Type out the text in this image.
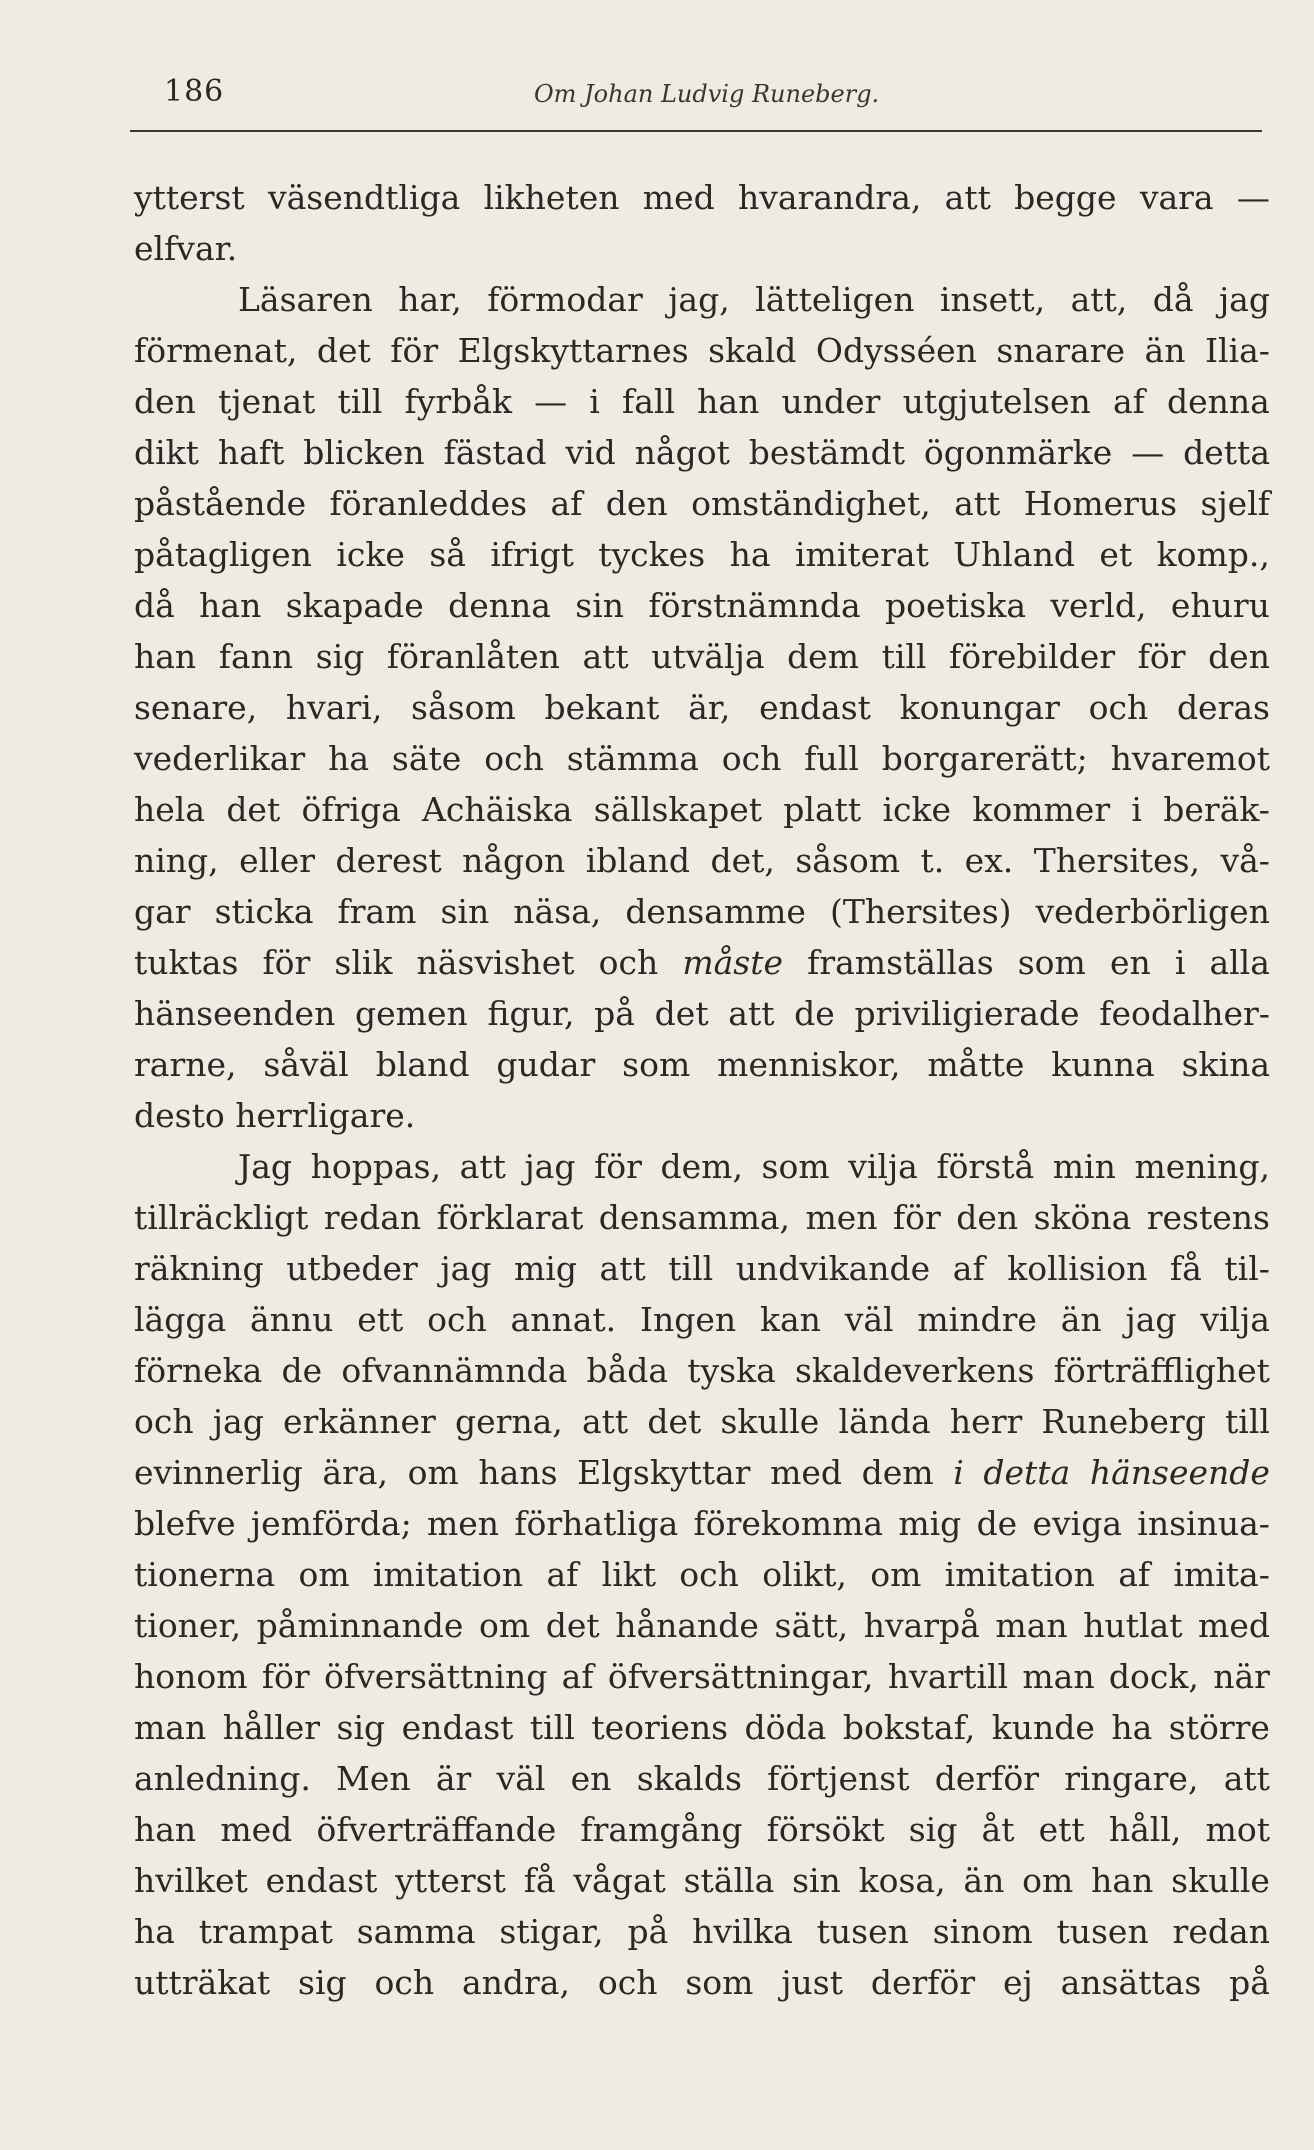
186	Om Johan Ludvig Runeberg.
ytterst väsendtliga likheten med hvarandra, att begge vara —
elfvar.
Läsaren har, förmodar jag, lätteligen insett, att, då jag
förmenat, det för Elgskyttarnes skald Odysséen snarare än Ilia-
den tjenat till fyrbåk — i fall han under utgjutelsen af denna
dikt haft blicken fästad vid något bestämdt ögonmärke — detta
påstående föranleddes af den omständighet, att Homerus sjelf
påtagligen icke så ifrigt tyckes ha imiterat Uhland et komp.,
då han skapade denna sin förstnämnda poetiska verld, ehuru
han fann sig föranlåten att utvälja dem till förebilder för den
senare, hvari, såsom bekant är, endast konungar och deras
vederlikar ha säte och stämma och full borgarerätt; hvaremot
hela det öfriga Achäiska sällskapet platt icke kommer i beräk-
ning, eller derest någon ibland det, såsom t. ex. Thersites, vå-
gar sticka fram sin näsa, densamme (Thersites) vederbörligen
tuktas för slik näsvishet och måste framställas som en i alla
hänseenden gemen figur, på det att de priviligierade feodalher-
rarne, såväl bland gudar som menniskor, måtte kunna skina
desto herrligare.
Jag hoppas, att jag för dem, som vilja förstå min mening,
tillräckligt redan förklarat densamma, men för den sköna restens
räkning utbeder jag mig att till undvikande af kollision få til-
lägga ännu ett och annat. Ingen kan väl mindre än jag vilja
förneka de ofvannämnda båda tyska skaldeverkens förträfflighet
och jag erkänner gerna, att det skulle lända herr Runeberg till
evinnerlig ära, om hans Elgskyttar med dem i detta hänseende
blefve jemförda; men förhatliga förekomma mig de eviga insinua-
tionerna om imitation af likt och olikt, om imitation af imita-
tioner, påminnande om det hånande sätt, hvarpå man hutlat med
honom för öfversättning af öfversättningar, hvartill man dock, när
man håller sig endast till teoriens döda bokstaf, kunde ha större
anledning. Men är väl en skalds förtjenst derför ringare, att
han med öfverträffande framgång försökt sig åt ett håll, mot
hvilket endast ytterst få vågat ställa sin kosa, än om han skulle
ha trampat samma stigar, på hvilka tusen sinom tusen redan
utträkat sig och andra, och som just derför ej ansättas på
